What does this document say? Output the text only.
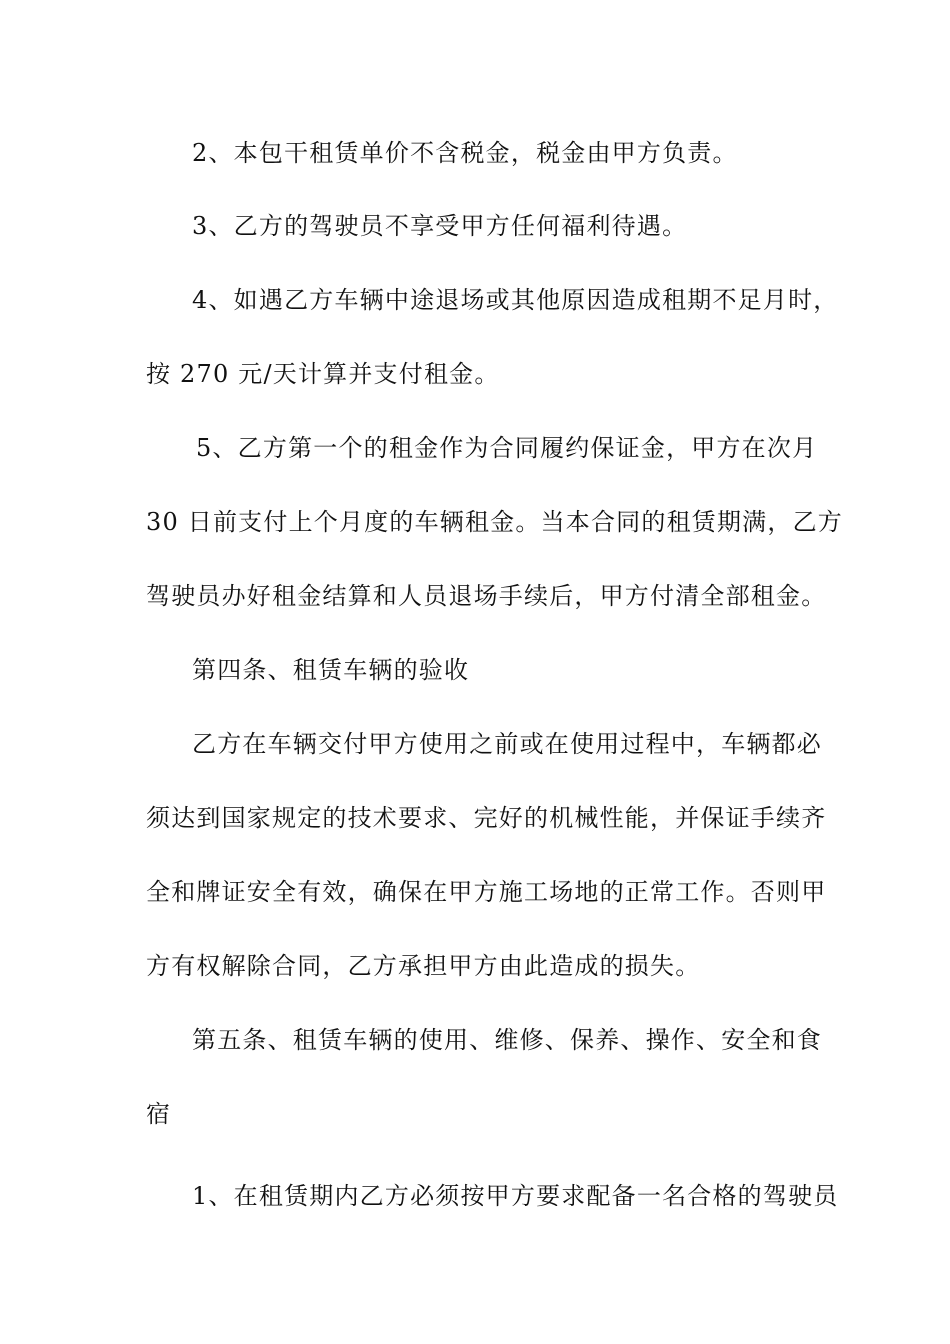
2、本包干租赁单价不含税金，税金由甲方负责。
3、乙方的驾驶员不享受甲方任何福利待遇。
4、如遇乙方车辆中途退场或其他原因造成租期不足月时，
按 270 元/天计算并支付租金。
5、乙方第一个的租金作为合同履约保证金，甲方在次月
30 日前支付上个月度的车辆租金。当本合同的租赁期满，乙方
驾驶员办好租金结算和人员退场手续后，甲方付清全部租金。
第四条、租赁车辆的验收
乙方在车辆交付甲方使用之前或在使用过程中，车辆都必
须达到国家规定的技术要求、完好的机械性能，并保证手续齐
全和牌证安全有效，确保在甲方施工场地的正常工作。否则甲
方有权解除合同，乙方承担甲方由此造成的损失。
第五条、租赁车辆的使用、维修、保养、操作、安全和食
宿
1、在租赁期内乙方必须按甲方要求配备一名合格的驾驶员
